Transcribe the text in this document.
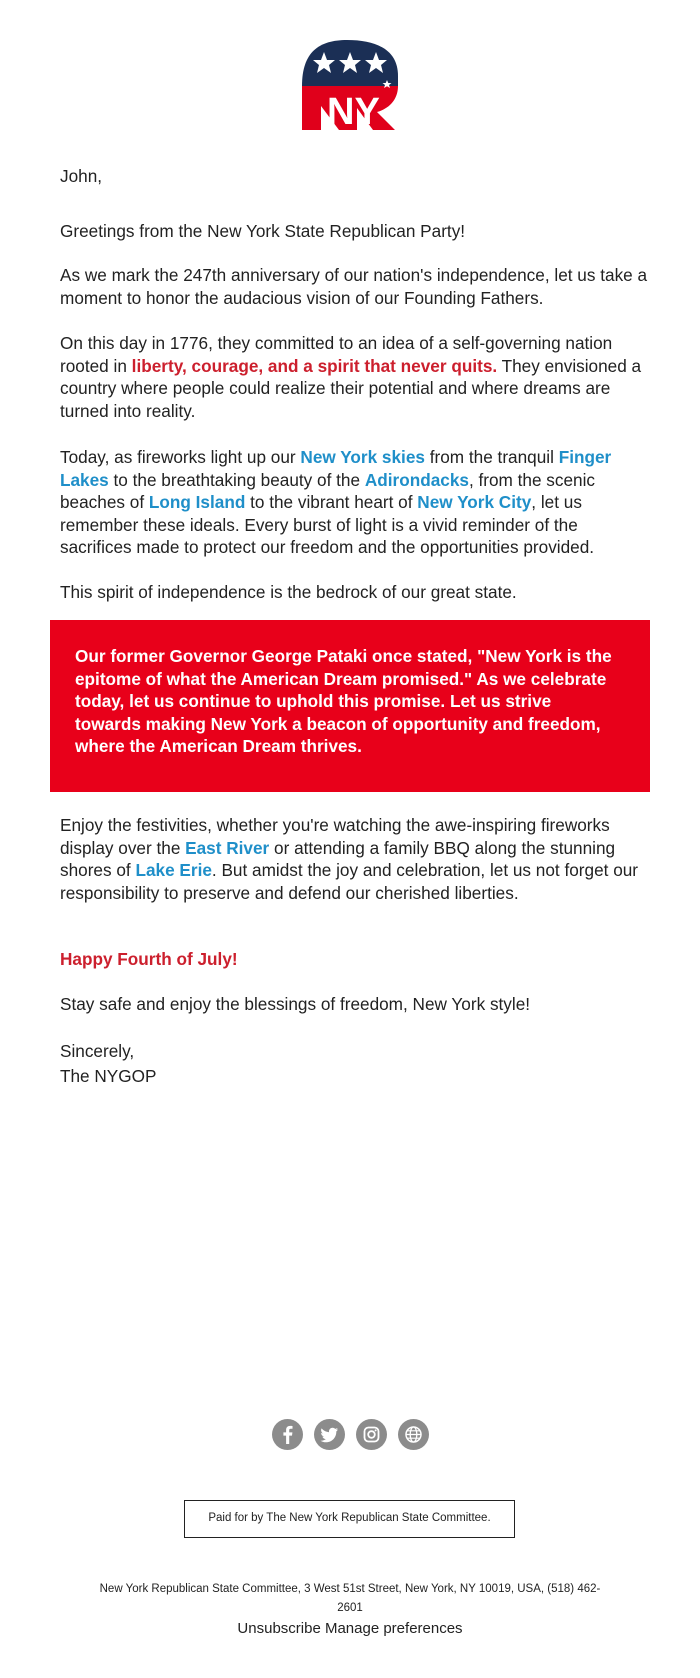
NY

John,

Greetings from the New York State Republican Party!

As we mark the 247th anniversary of our nation's independence, let us take a moment to honor the audacious vision of our Founding Fathers.

On this day in 1776, they committed to an idea of a self-governing nation rooted in liberty, courage, and a spirit that never quits. They envisioned a country where people could realize their potential and where dreams are turned into reality.

Today, as fireworks light up our New York skies from the tranquil Finger Lakes to the breathtaking beauty of the Adirondacks, from the scenic beaches of Long Island to the vibrant heart of New York City, let us remember these ideals. Every burst of light is a vivid reminder of the sacrifices made to protect our freedom and the opportunities provided.

This spirit of independence is the bedrock of our great state.

Our former Governor George Pataki once stated, "New York is the epitome of what the American Dream promised." As we celebrate today, let us continue to uphold this promise. Let us strive towards making New York a beacon of opportunity and freedom, where the American Dream thrives.

Enjoy the festivities, whether you're watching the awe-inspiring fireworks display over the East River or attending a family BBQ along the stunning shores of Lake Erie. But amidst the joy and celebration, let us not forget our responsibility to preserve and defend our cherished liberties.

Happy Fourth of July!

Stay safe and enjoy the blessings of freedom, New York style!

Sincerely,

The NYGOP

Paid for by The New York Republican State Committee.
New York Republican State Committee, 3 West 51st Street, New York, NY 10019, USA, (518) 462-2601
Unsubscribe Manage preferences
